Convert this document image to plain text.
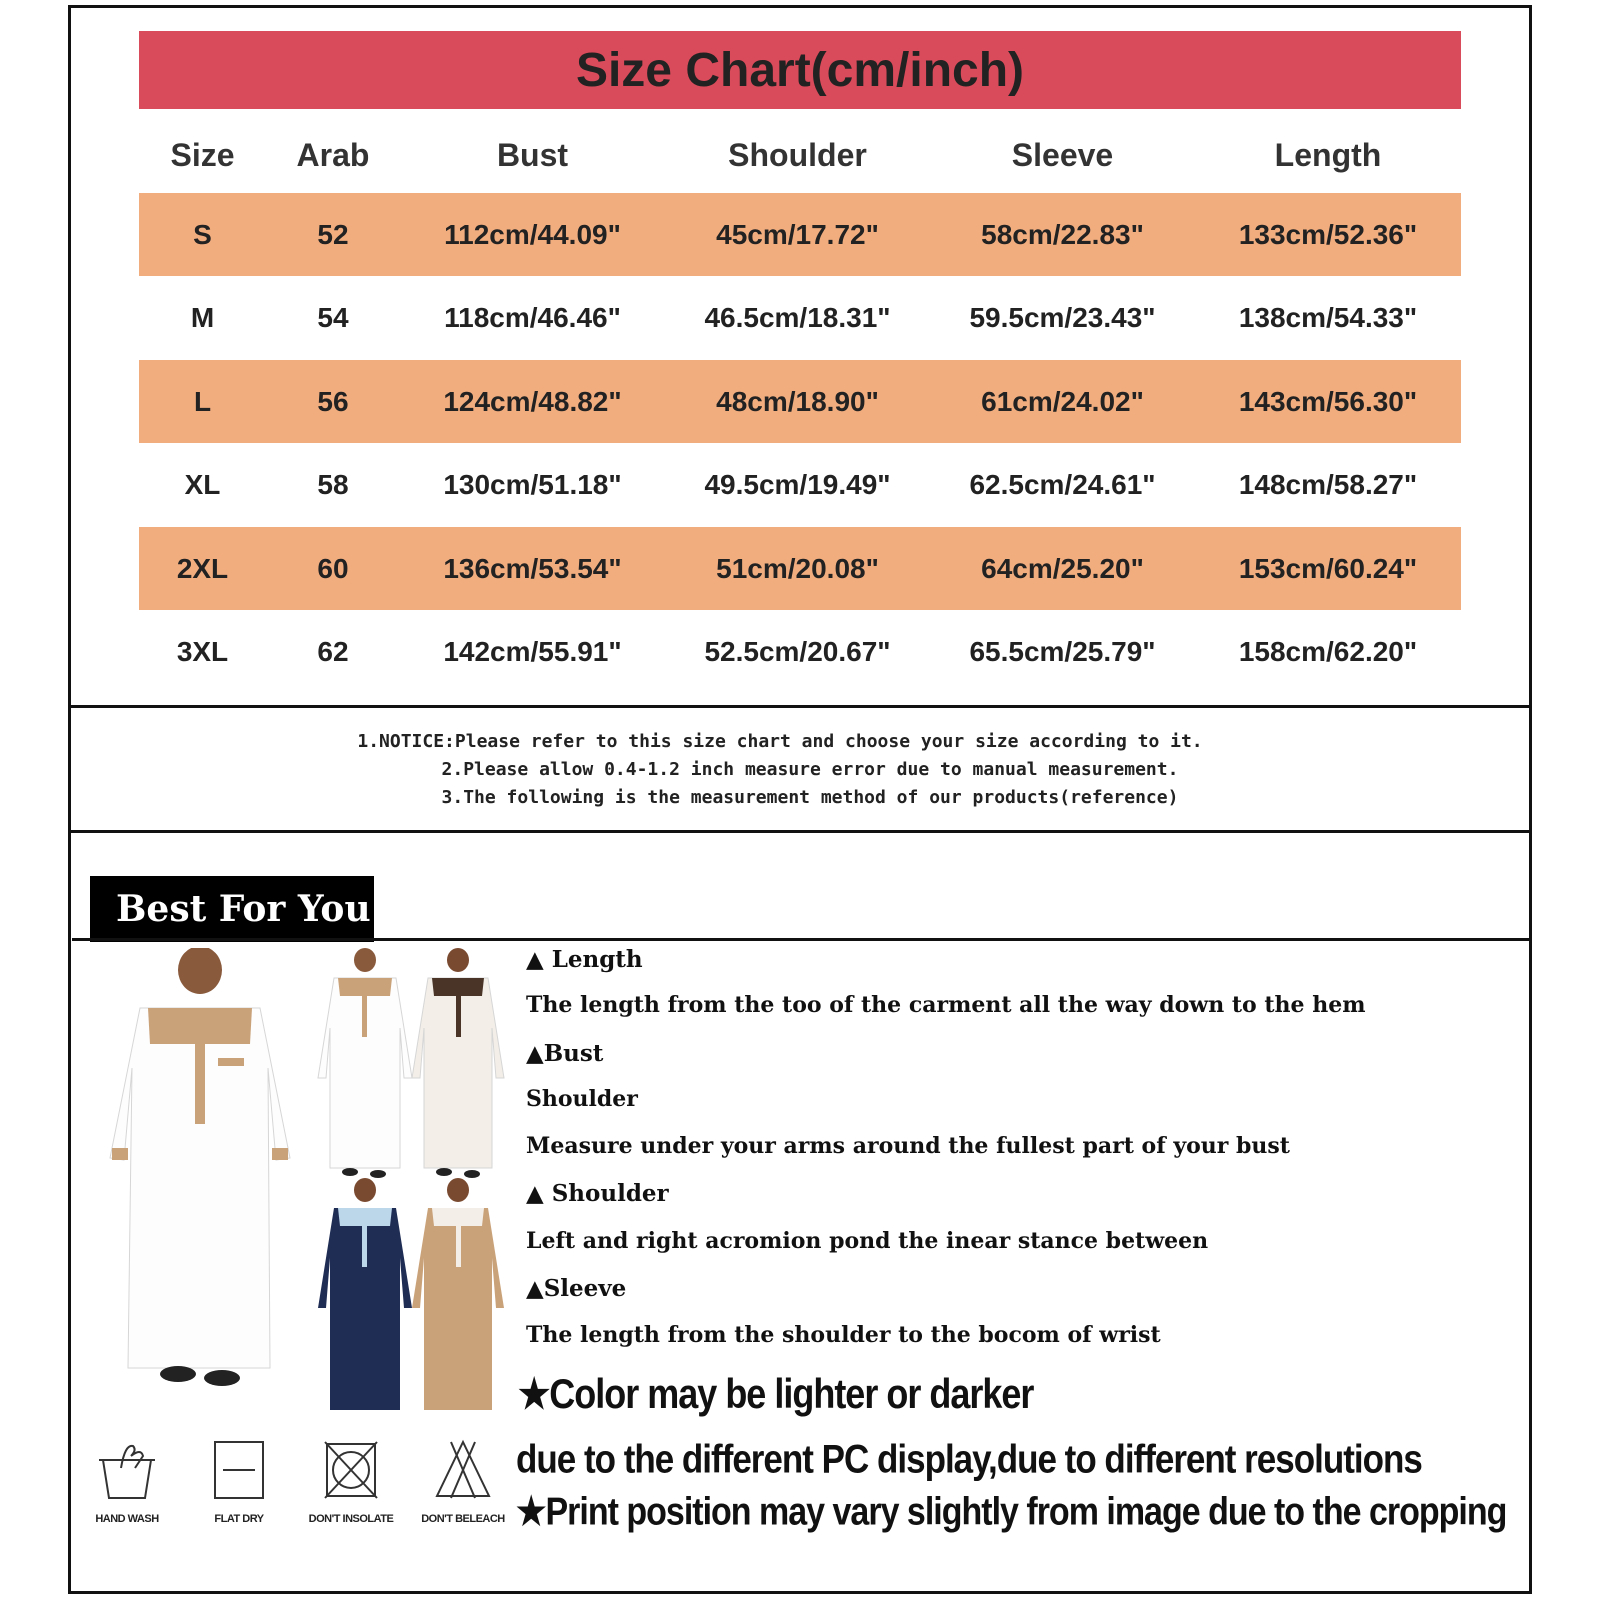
Size Chart(cm/inch)
Size	Arab	Bust	Shoulder	Sleeve	Length
S	52	112cm/44.09"	45cm/17.72"	58cm/22.83"	133cm/52.36"
M	54	118cm/46.46"	46.5cm/18.31"	59.5cm/23.43"	138cm/54.33"
L	56	124cm/48.82"	48cm/18.90"	61cm/24.02"	143cm/56.30"
XL	58	130cm/51.18"	49.5cm/19.49"	62.5cm/24.61"	148cm/58.27"
2XL	60	136cm/53.54"	51cm/20.08"	64cm/25.20"	153cm/60.24"
3XL	62	142cm/55.91"	52.5cm/20.67"	65.5cm/25.79"	158cm/62.20"
1.NOTICE:Please refer to this size chart and choose your size according to it.
2.Please allow 0.4-1.2 inch measure error due to manual measurement.
3.The following is the measurement method of our products(reference)
Best For You
▲ Length
The length from the too of the carment all the way down to the hem
▲Bust
Shoulder
Measure under your arms around the fullest part of your bust
▲ Shoulder
Left and right acromion pond the inear stance between
▲Sleeve
The length from the shoulder to the bocom of wrist
★Color may be lighter or darker
due to the different PC display,due to different resolutions
★Print position may vary slightly from image due to the cropping
HAND WASH	FLAT DRY	DON'T INSOLATE	DON'T BELEACH
